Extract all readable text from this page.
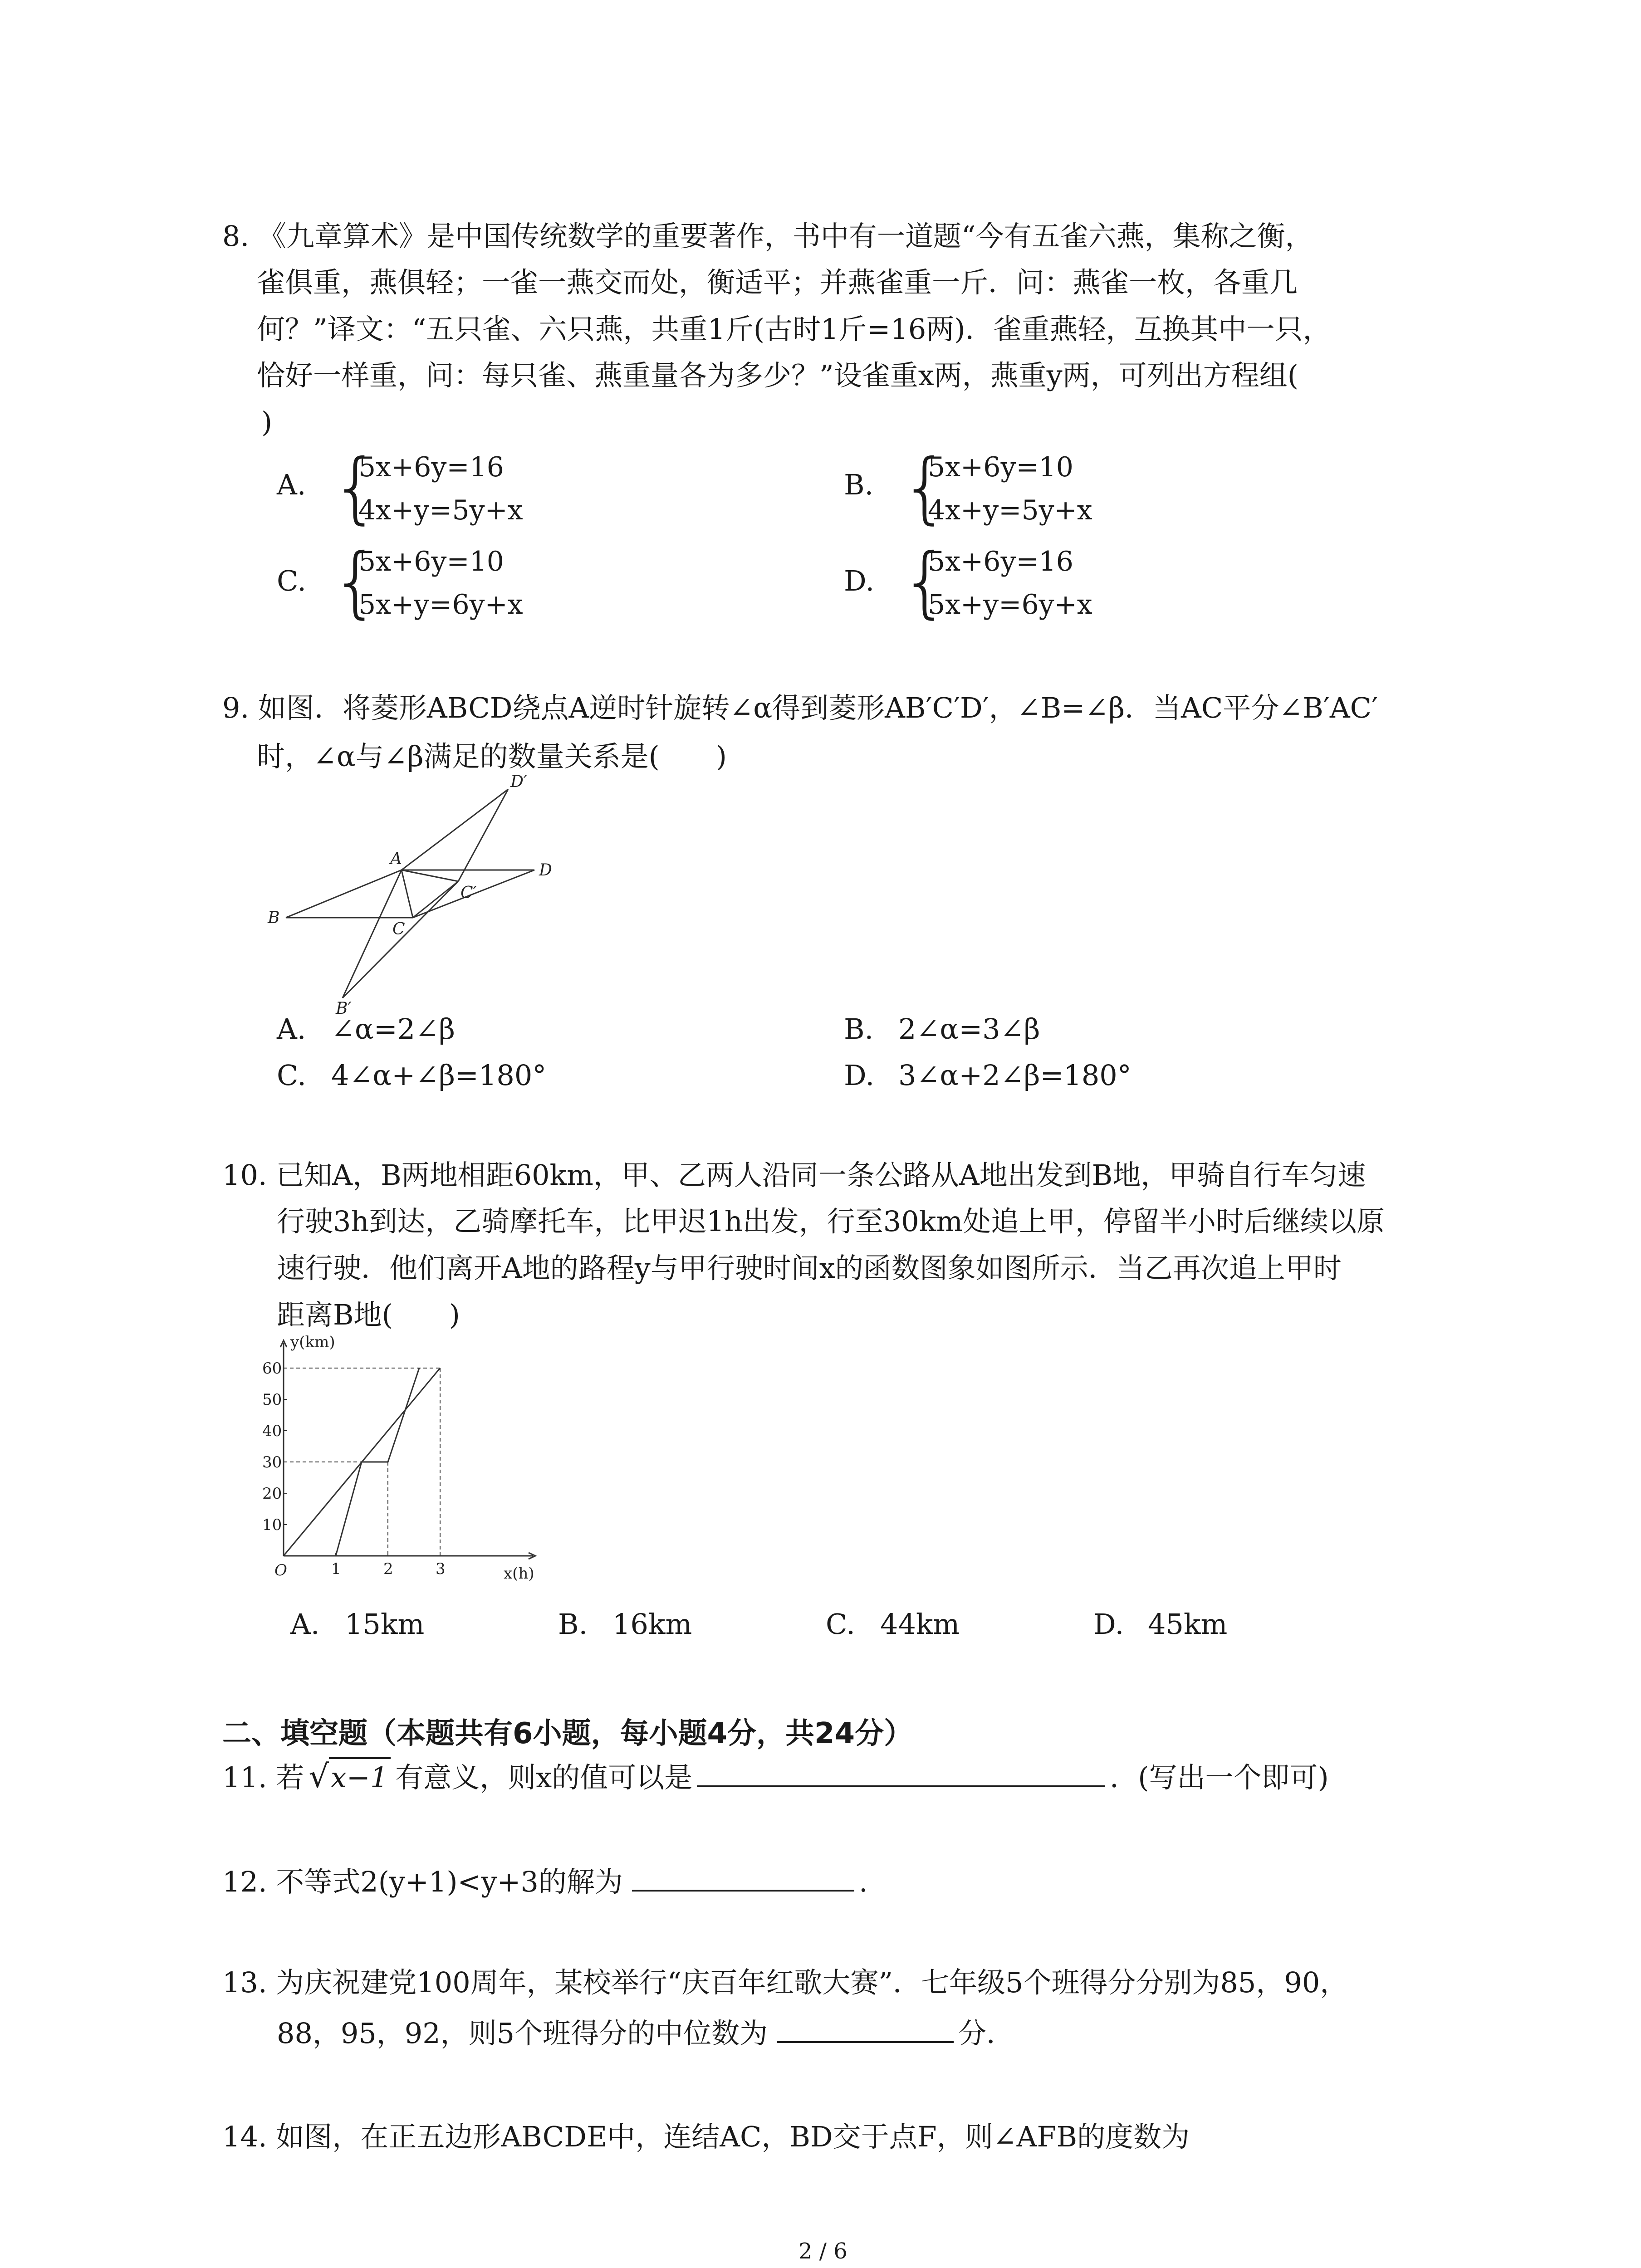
8. 《九章算术》是中国传统数学的重要著作，书中有一道题“今有五雀六燕，集称之衡，
雀俱重，燕俱轻；一雀一燕交而处，衡适平；并燕雀重一斤．问：燕雀一枚，各重几
何？”译文：“五只雀、六只燕，共重1斤(古时1斤=16两)．雀重燕轻，互换其中一只，
恰好一样重，问：每只雀、燕重量各为多少？”设雀重x两，燕重y两，可列出方程组(
)
A. {
5x+6y=16
4x+y=5y+x
B. {
5x+6y=10
4x+y=5y+x
C. {
5x+6y=10
5x+y=6y+x
D. {
5x+6y=16
5x+y=6y+x
9. 如图．将菱形ABCD绕点A逆时针旋转∠α得到菱形AB′C′D′，∠B=∠β．当AC平分∠B′AC′
时，∠α与∠β满足的数量关系是(　　)
A
B
C
D
B′
C′
D′
A. ∠α=2∠β	B. 2∠α=3∠β
C. 4∠α+∠β=180°	D. 3∠α+2∠β=180°
10. 已知A，B两地相距60km，甲、乙两人沿同一条公路从A地出发到B地，甲骑自行车匀速
行驶3h到达，乙骑摩托车，比甲迟1h出发，行至30km处追上甲，停留半小时后继续以原
速行驶．他们离开A地的路程y与甲行驶时间x的函数图象如图所示．当乙再次追上甲时
距离B地(　　)
O
y(km)
x(h)
10
20
30
40
50
60
1	2	3
A. 15km	B. 16km	C. 44km	D. 45km
二、填空题（本题共有6小题，每小题4分，共24分）
11. 若 √x−1 有意义，则x的值可以是	．(写出一个即可)
12. 不等式2(y+1)<y+3的解为	.
13. 为庆祝建党100周年，某校举行“庆百年红歌大赛”．七年级5个班得分分别为85，90，
88，95，92，则5个班得分的中位数为	分．
14. 如图，在正五边形ABCDE中，连结AC，BD交于点F，则∠AFB的度数为
2 / 6
